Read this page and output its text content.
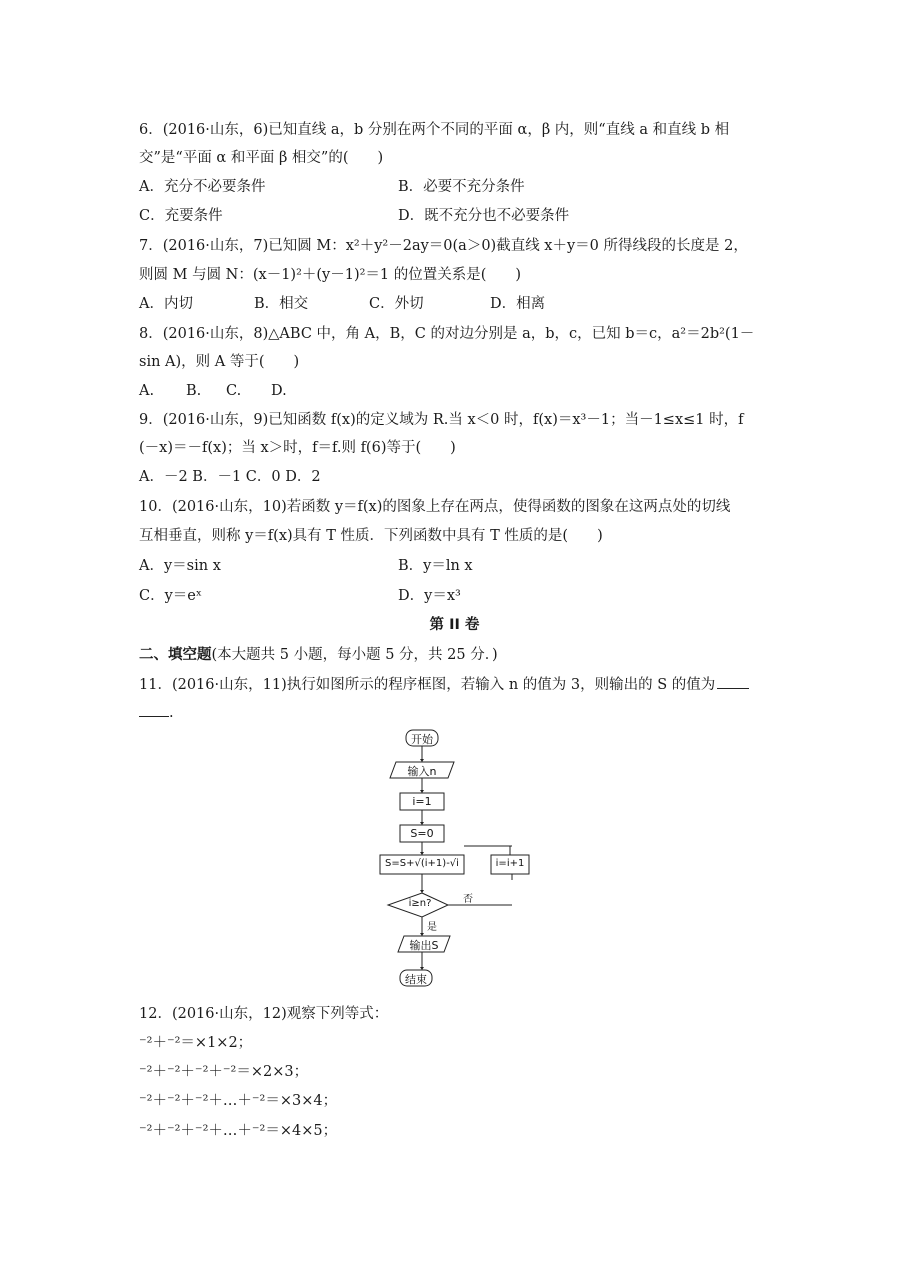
6．(2016·山东，6)已知直线 a，b 分别在两个不同的平面 α，β 内，则“直线 a 和直线 b 相
交”是“平面 α 和平面 β 相交”的(　　)
A．充分不必要条件	B．必要不充分条件
C．充要条件	D．既不充分也不必要条件
7．(2016·山东，7)已知圆 M：x²＋y²－2ay＝0(a＞0)截直线 x＋y＝0 所得线段的长度是 2，
则圆 M 与圆 N：(x－1)²＋(y－1)²＝1 的位置关系是(　　)
A．内切	B．相交	C．外切	D．相离
8．(2016·山东，8)△ABC 中，角 A，B，C 的对边分别是 a，b，c，已知 b＝c，a²＝2b²(1－
sin A)，则 A 等于(　　)
A. B. C. D.
9．(2016·山东，9)已知函数 f(x)的定义域为 R.当 x＜0 时，f(x)＝x³－1；当－1≤x≤1 时，f
(－x)＝－f(x)；当 x＞时，f＝f.则 f(6)等于(　　)
A．－2 B．－1 C．0 D．2
10．(2016·山东，10)若函数 y＝f(x)的图象上存在两点，使得函数的图象在这两点处的切线
互相垂直，则称 y＝f(x)具有 T 性质．下列函数中具有 T 性质的是(　　)
A．y＝sin x	B．y＝ln x
C．y＝eˣ	D．y＝x³
第 II 卷
二、填空题(本大题共 5 小题，每小题 5 分，共 25 分．)
11．(2016·山东，11)执行如图所示的程序框图，若输入 n 的值为 3，则输出的 S 的值为
.
开始
输入n
i=1
S=0
S=S+√(i+1)-√i	i=i+1
i≥n?	否
是
输出S
结束
12．(2016·山东，12)观察下列等式：
⁻²＋⁻²＝×1×2；
⁻²＋⁻²＋⁻²＋⁻²＝×2×3；
⁻²＋⁻²＋⁻²＋…＋⁻²＝×3×4；
⁻²＋⁻²＋⁻²＋…＋⁻²＝×4×5；
